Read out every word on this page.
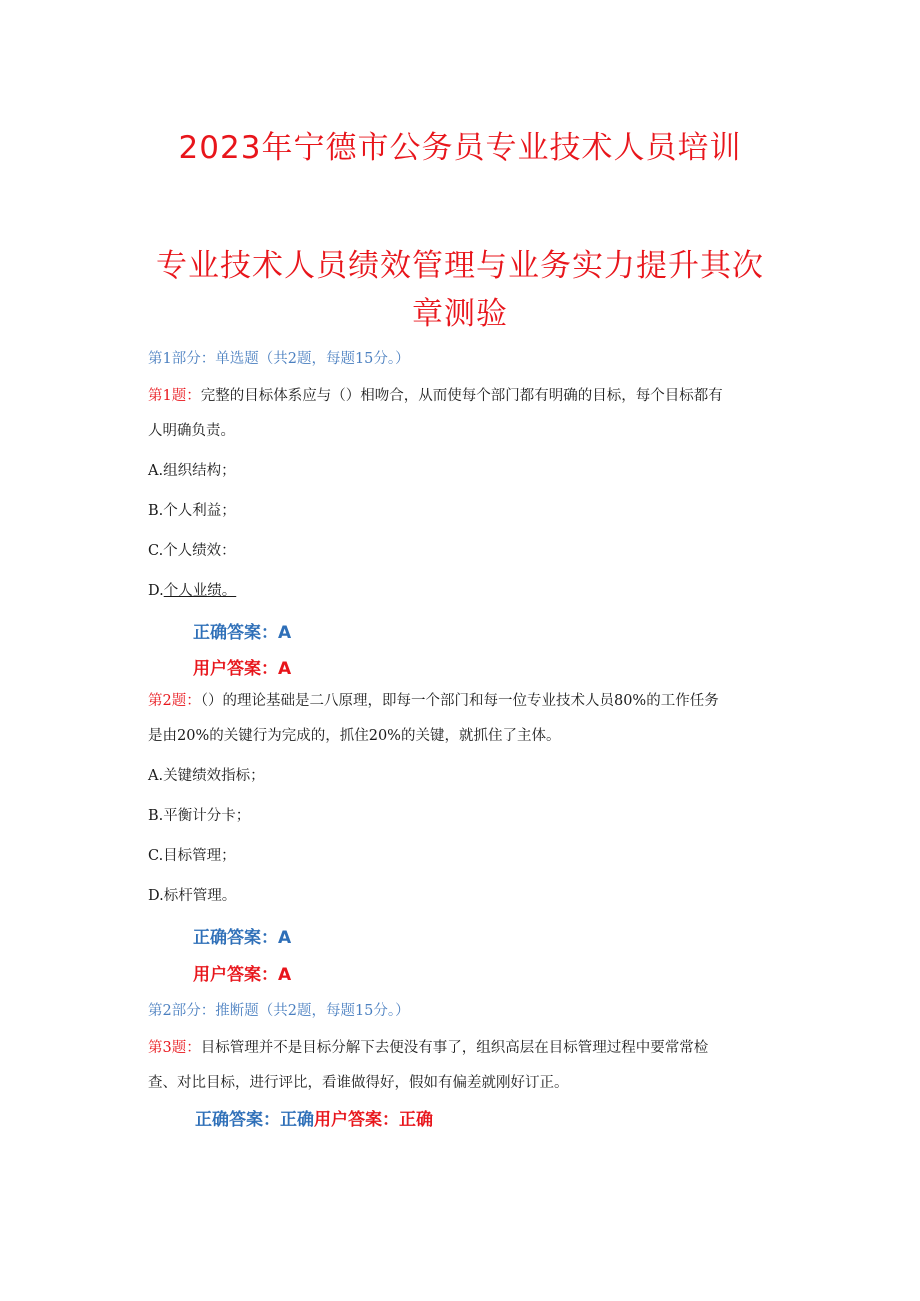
2023年宁德市公务员专业技术人员培训
专业技术人员绩效管理与业务实力提升其次
章测验
第1部分：单选题（共2题，每题15分。）
第1题：完整的目标体系应与（）相吻合，从而使每个部门都有明确的目标，每个目标都有
人明确负责。
A.组织结构；
B.个人利益；
C.个人绩效：
D.个人业绩。
正确答案：A
用户答案：A
第2题：（）的理论基础是二八原理，即每一个部门和每一位专业技术人员80%的工作任务
是由20%的关键行为完成的，抓住20%的关键，就抓住了主体。
A.关键绩效指标；
B.平衡计分卡；
C.目标管理；
D.标杆管理。
正确答案：A
用户答案：A
第2部分：推断题（共2题，每题15分。）
第3题：目标管理并不是目标分解下去便没有事了，组织高层在目标管理过程中要常常检
查、对比目标，进行评比，看谁做得好，假如有偏差就刚好订正。
正确答案：正确用户答案：正确
